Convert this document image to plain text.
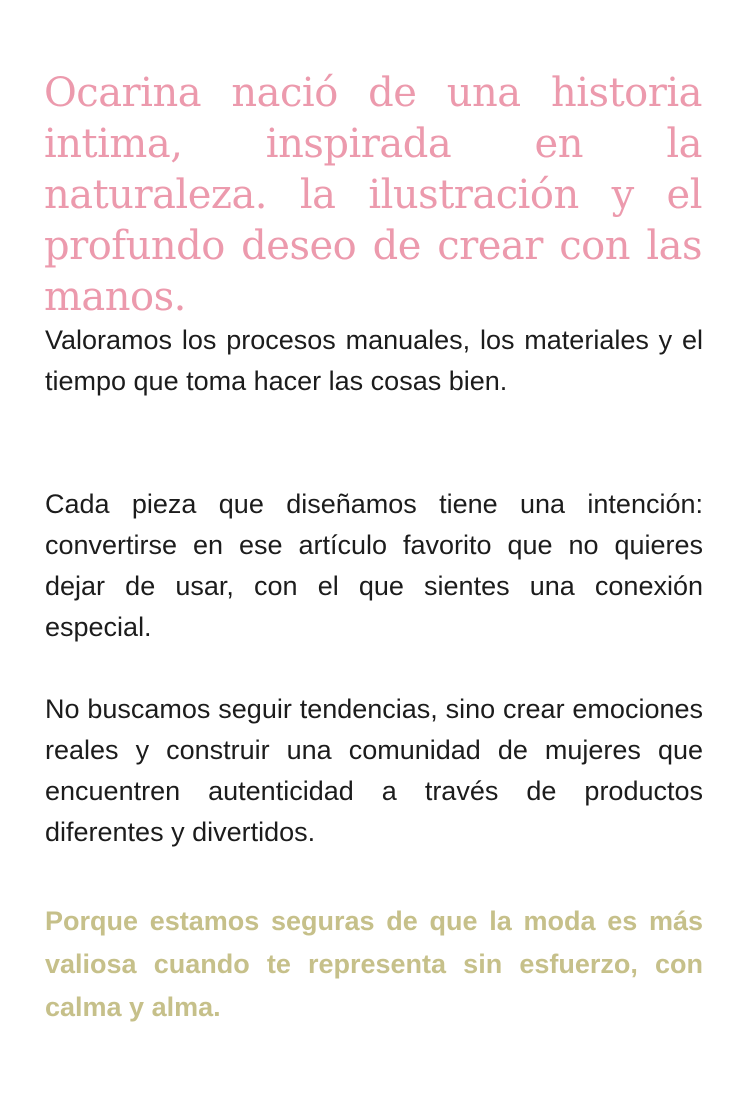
Ocarina nació de una historia intima, inspirada en la naturaleza. la ilustración y el profundo deseo de crear con las manos.

Valoramos los procesos manuales, los materiales y el tiempo que toma hacer las cosas bien.

Cada pieza que diseñamos tiene una intención: convertirse en ese artículo favorito que no quieres dejar de usar, con el que sientes una conexión especial.

No buscamos seguir tendencias, sino crear emociones reales y construir una comunidad de mujeres que encuentren autenticidad a través de productos diferentes y divertidos.

Porque estamos seguras de que la moda es más valiosa cuando te representa sin esfuerzo, con calma y alma.
